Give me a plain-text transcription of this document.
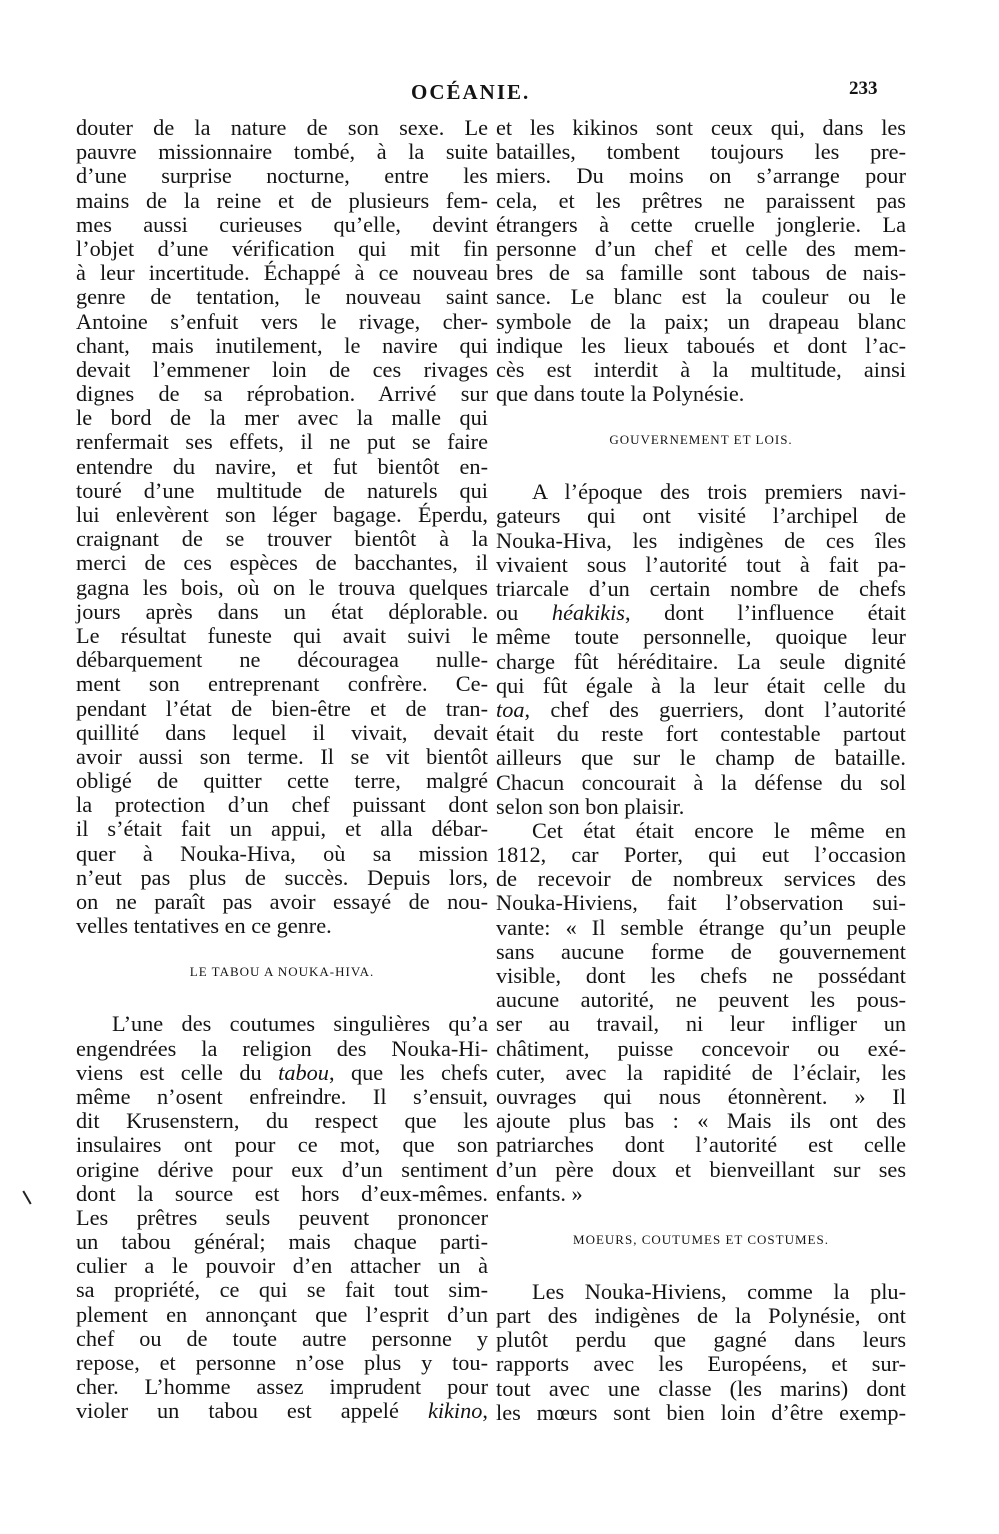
OCÉANIE.	233
douter de la nature de son sexe. Le
pauvre missionnaire tombé, à la suite
d’une surprise nocturne, entre les
mains de la reine et de plusieurs fem-
mes aussi curieuses qu’elle, devint
l’objet d’une vérification qui mit fin
à leur incertitude. Échappé à ce nouveau
genre de tentation, le nouveau saint
Antoine s’enfuit vers le rivage, cher-
chant, mais inutilement, le navire qui
devait l’emmener loin de ces rivages
dignes de sa réprobation. Arrivé sur
le bord de la mer avec la malle qui
renfermait ses effets, il ne put se faire
entendre du navire, et fut bientôt en-
touré d’une multitude de naturels qui
lui enlevèrent son léger bagage. Éperdu,
craignant de se trouver bientôt à la
merci de ces espèces de bacchantes, il
gagna les bois, où on le trouva quelques
jours après dans un état déplorable.
Le résultat funeste qui avait suivi le
débarquement ne découragea nulle-
ment son entreprenant confrère. Ce-
pendant l’état de bien-être et de tran-
quillité dans lequel il vivait, devait
avoir aussi son terme. Il se vit bientôt
obligé de quitter cette terre, malgré
la protection d’un chef puissant dont
il s’était fait un appui, et alla débar-
quer à Nouka-Hiva, où sa mission
n’eut pas plus de succès. Depuis lors,
on ne paraît pas avoir essayé de nou-
velles tentatives en ce genre.
LE TABOU A NOUKA-HIVA.
L’une des coutumes singulières qu’a
engendrées la religion des Nouka-Hi-
viens est celle du tabou, que les chefs
même n’osent enfreindre. Il s’ensuit,
dit Krusenstern, du respect que les
insulaires ont pour ce mot, que son
origine dérive pour eux d’un sentiment
dont la source est hors d’eux-mêmes.
Les prêtres seuls peuvent prononcer
un tabou général; mais chaque parti-
culier a le pouvoir d’en attacher un à
sa propriété, ce qui se fait tout sim-
plement en annonçant que l’esprit d’un
chef ou de toute autre personne y
repose, et personne n’ose plus y tou-
cher. L’homme assez imprudent pour
violer un tabou est appelé kikino,
et les kikinos sont ceux qui, dans les
batailles, tombent toujours les pre-
miers. Du moins on s’arrange pour
cela, et les prêtres ne paraissent pas
étrangers à cette cruelle jonglerie. La
personne d’un chef et celle des mem-
bres de sa famille sont tabous de nais-
sance. Le blanc est la couleur ou le
symbole de la paix; un drapeau blanc
indique les lieux taboués et dont l’ac-
cès est interdit à la multitude, ainsi
que dans toute la Polynésie.
GOUVERNEMENT ET LOIS.
A l’époque des trois premiers navi-
gateurs qui ont visité l’archipel de
Nouka-Hiva, les indigènes de ces îles
vivaient sous l’autorité tout à fait pa-
triarcale d’un certain nombre de chefs
ou héakikis, dont l’influence était
même toute personnelle, quoique leur
charge fût héréditaire. La seule dignité
qui fût égale à la leur était celle du
toa, chef des guerriers, dont l’autorité
était du reste fort contestable partout
ailleurs que sur le champ de bataille.
Chacun concourait à la défense du sol
selon son bon plaisir.
Cet état était encore le même en
1812, car Porter, qui eut l’occasion
de recevoir de nombreux services des
Nouka-Hiviens, fait l’observation sui-
vante: « Il semble étrange qu’un peuple
sans aucune forme de gouvernement
visible, dont les chefs ne possédant
aucune autorité, ne peuvent les pous-
ser au travail, ni leur infliger un
châtiment, puisse concevoir ou exé-
cuter, avec la rapidité de l’éclair, les
ouvrages qui nous étonnèrent. » Il
ajoute plus bas : « Mais ils ont des
patriarches dont l’autorité est celle
d’un père doux et bienveillant sur ses
enfants. »
MOEURS, COUTUMES ET COSTUMES.
Les Nouka-Hiviens, comme la plu-
part des indigènes de la Polynésie, ont
plutôt perdu que gagné dans leurs
rapports avec les Européens, et sur-
tout avec une classe (les marins) dont
les mœurs sont bien loin d’être exemp-
